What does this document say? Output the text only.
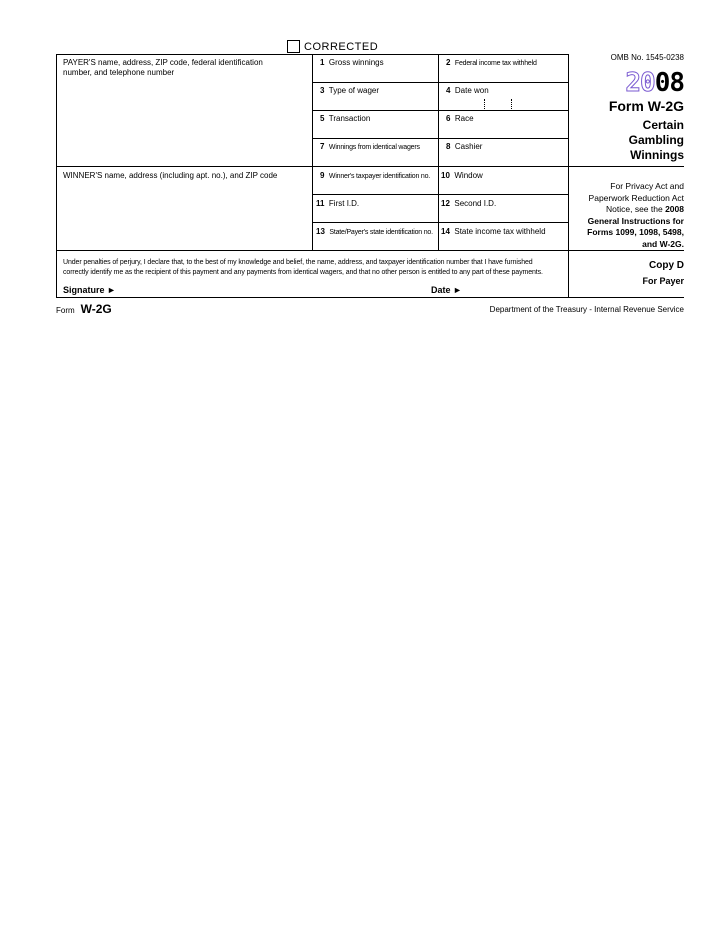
CORRECTED
PAYER'S name, address, ZIP code, federal identification
number, and telephone number
WINNER'S name, address (including apt. no.), and ZIP code
1 Gross winnings	2 Federal income tax withheld
3 Type of wager	4 Date won
5 Transaction	6 Race
7 Winnings from identical wagers	8 Cashier
9 Winner's taxpayer identification no. 10 Window
11 First I.D.	12 Second I.D.
13 State/Payer's state identification no. 14 State income tax withheld
OMB No. 1545-0238
2008
Form W-2G
Certain
Gambling
Winnings
For Privacy Act and
Paperwork Reduction Act
Notice, see the 2008
General Instructions for
Forms 1099, 1098, 5498,
and W-2G.
Copy D
For Payer
Under penalties of perjury, I declare that, to the best of my knowledge and belief, the name, address, and taxpayer identification number that I have furnished
correctly identify me as the recipient of this payment and any payments from identical wagers, and that no other person is entitled to any part of these payments.
Signature ►	Date ►
Form W-2G	Department of the Treasury - Internal Revenue Service
